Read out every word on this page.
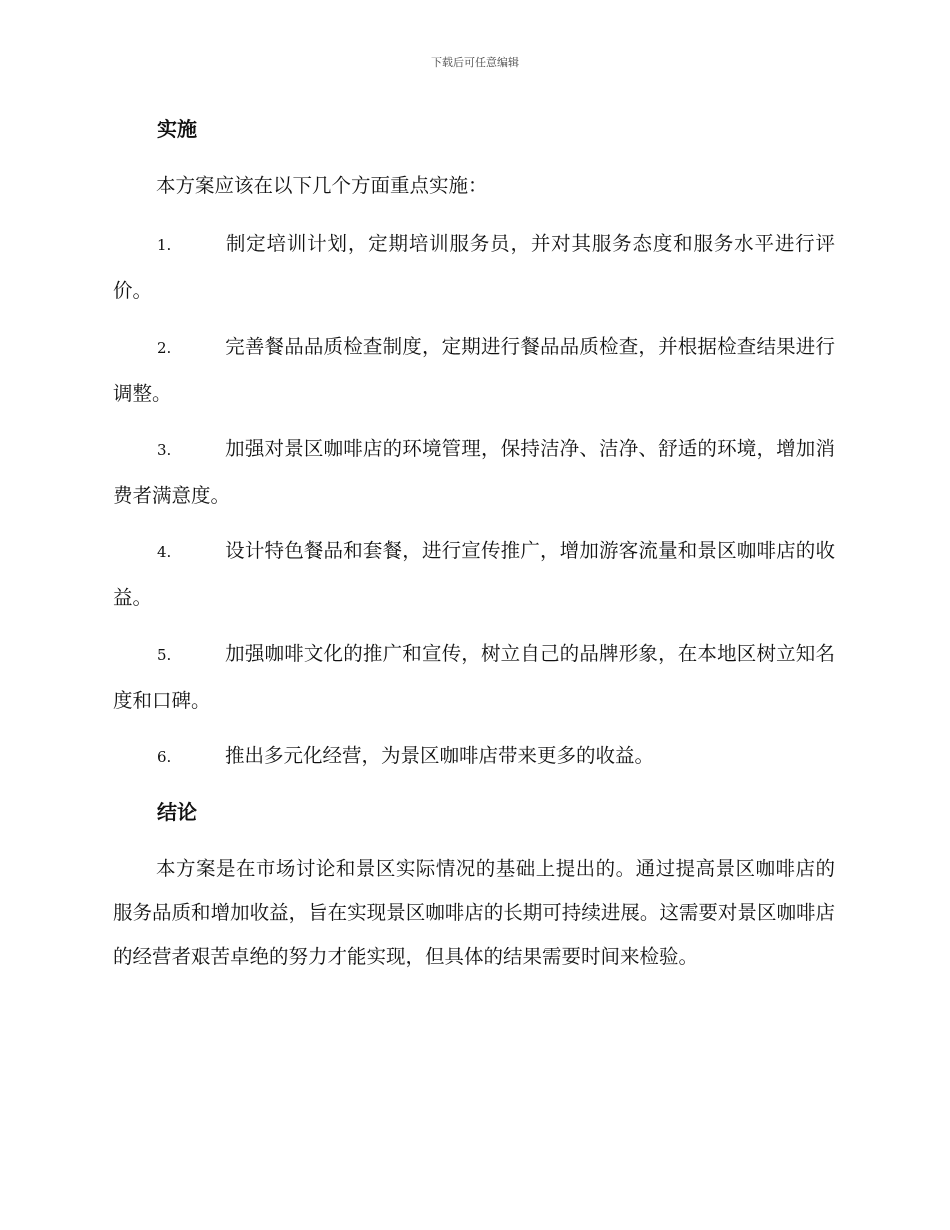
下载后可任意编辑
实施
本方案应该在以下几个方面重点实施：
1.	制定培训计划，定期培训服务员，并对其服务态度和服务水平进行评价。
2.	完善餐品品质检查制度，定期进行餐品品质检查，并根据检查结果进行调整。
3.	加强对景区咖啡店的环境管理，保持洁净、洁净、舒适的环境，增加消费者满意度。
4.	设计特色餐品和套餐，进行宣传推广，增加游客流量和景区咖啡店的收益。
5.	加强咖啡文化的推广和宣传，树立自己的品牌形象，在本地区树立知名度和口碑。
6.	推出多元化经营，为景区咖啡店带来更多的收益。
结论
本方案是在市场讨论和景区实际情况的基础上提出的。通过提高景区咖啡店的服务品质和增加收益，旨在实现景区咖啡店的长期可持续进展。这需要对景区咖啡店的经营者艰苦卓绝的努力才能实现，但具体的结果需要时间来检验。
